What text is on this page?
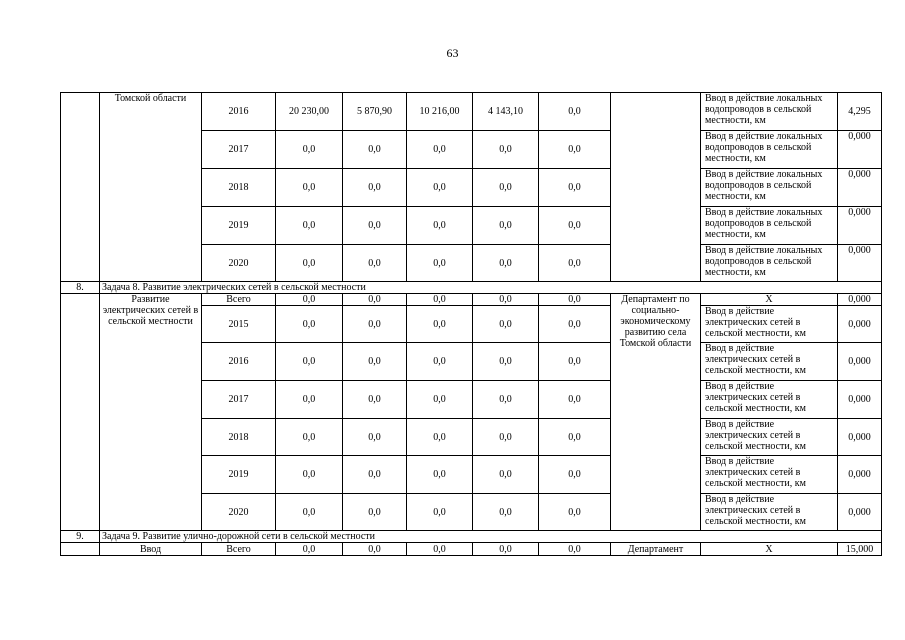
63
	Томской области	2016	20 230,00	5 870,90	10 216,00	4 143,10	0,0		Ввод в действие локальных водопроводов в сельской местности, км	4,295
		2017	0,0	0,0	0,0	0,0	0,0		Ввод в действие локальных водопроводов в сельской местности, км	0,000
		2018	0,0	0,0	0,0	0,0	0,0		Ввод в действие локальных водопроводов в сельской местности, км	0,000
		2019	0,0	0,0	0,0	0,0	0,0		Ввод в действие локальных водопроводов в сельской местности, км	0,000
		2020	0,0	0,0	0,0	0,0	0,0		Ввод в действие локальных водопроводов в сельской местности, км	0,000
8.	Задача 8. Развитие электрических сетей в сельской местности									
	Развитие электрических сетей в сельской местности	Всего	0,0	0,0	0,0	0,0	0,0	Департамент по социально-экономическому развитию села Томской области	Х	0,000
		2015	0,0	0,0	0,0	0,0	0,0		Ввод в действие электрических сетей в сельской местности, км	0,000
		2016	0,0	0,0	0,0	0,0	0,0		Ввод в действие электрических сетей в сельской местности, км	0,000
		2017	0,0	0,0	0,0	0,0	0,0		Ввод в действие электрических сетей в сельской местности, км	0,000
		2018	0,0	0,0	0,0	0,0	0,0		Ввод в действие электрических сетей в сельской местности, км	0,000
		2019	0,0	0,0	0,0	0,0	0,0		Ввод в действие электрических сетей в сельской местности, км	0,000
		2020	0,0	0,0	0,0	0,0	0,0		Ввод в действие электрических сетей в сельской местности, км	0,000
9.	Задача 9. Развитие улично-дорожной сети в сельской местности									
	Ввод	Всего	0,0	0,0	0,0	0,0	0,0	Департамент	Х	15,000
